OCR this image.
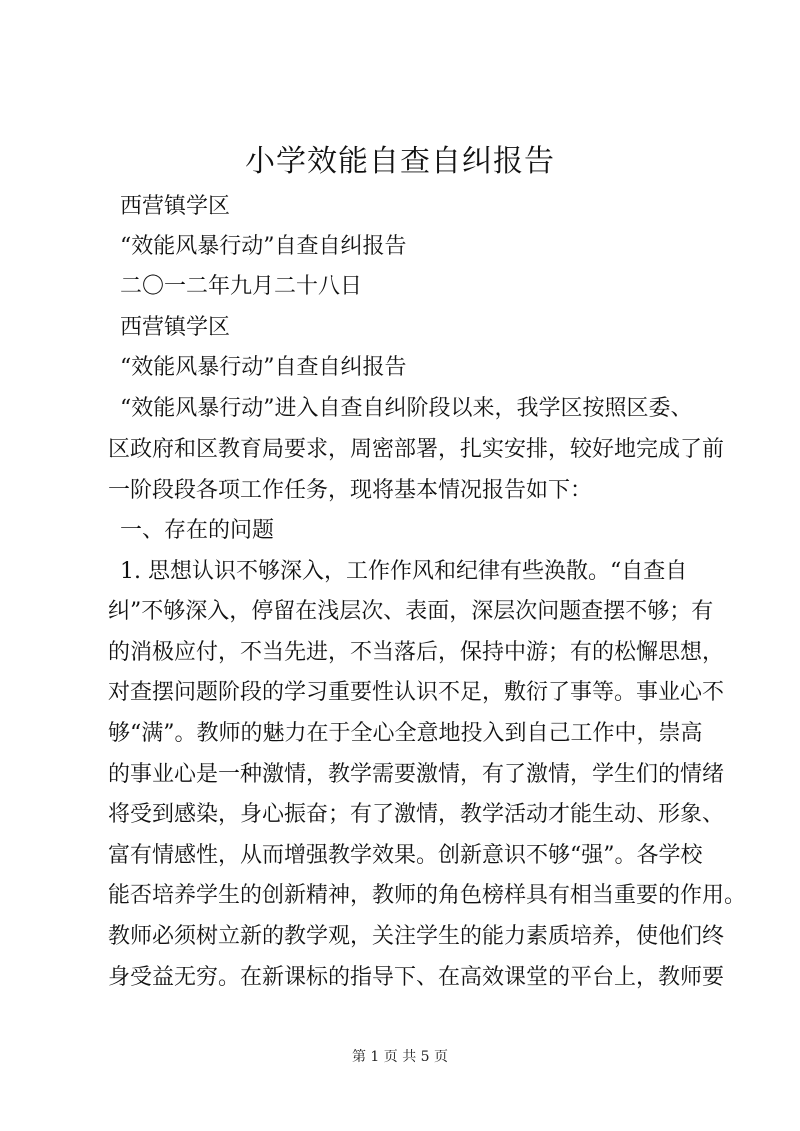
小学效能自查自纠报告

西营镇学区

“效能风暴行动”自查自纠报告

二〇一二年九月二十八日

西营镇学区

“效能风暴行动”自查自纠报告

“效能风暴行动”进入自查自纠阶段以来，我学区按照区委、

区政府和区教育局要求，周密部署，扎实安排，较好地完成了前

一阶段段各项工作任务，现将基本情况报告如下：

一、存在的问题

1. 思想认识不够深入，工作作风和纪律有些涣散。“自查自

纠”不够深入，停留在浅层次、表面，深层次问题查摆不够；有

的消极应付，不当先进，不当落后，保持中游；有的松懈思想，

对查摆问题阶段的学习重要性认识不足，敷衍了事等。事业心不

够“满”。教师的魅力在于全心全意地投入到自己工作中，崇高

的事业心是一种激情，教学需要激情，有了激情，学生们的情绪

将受到感染，身心振奋；有了激情，教学活动才能生动、形象、

富有情感性，从而增强教学效果。创新意识不够“强”。各学校

能否培养学生的创新精神，教师的角色榜样具有相当重要的作用。

教师必须树立新的教学观，关注学生的能力素质培养，使他们终

身受益无穷。在新课标的指导下、在高效课堂的平台上，教师要

第 1 页 共 5 页
